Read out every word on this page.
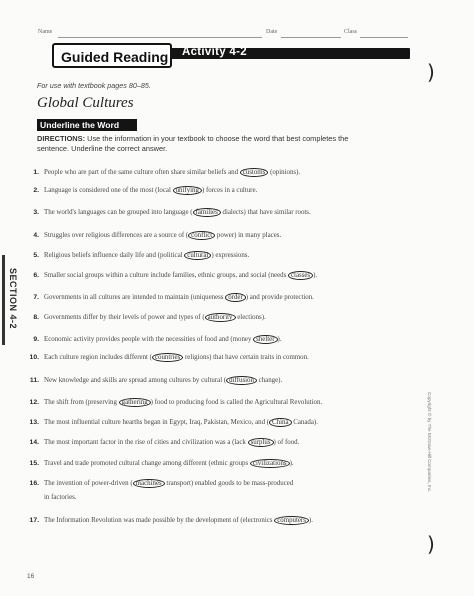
Name	Date	Class
Guided Reading Activity 4-2
For use with textbook pages 80–85.
Global Cultures
Underline the Word
DIRECTIONS: Use the information in your textbook to choose the word that best completes the sentence. Underline the correct answer.
SECTION 4-2
1. People who are part of the same culture often share similar beliefs and customs (opinions).
2. Language is considered one of the most (local unifying ) forces in a culture.
3. The world's languages can be grouped into language ( families dialects) that have similar roots.
4. Struggles over religious differences are a source of ( conflict power) in many places.
5. Religious beliefs influence daily life and (political cultural ) expressions.
6. Smaller social groups within a culture include families, ethnic groups, and social (needs classes ).
7. Governments in all cultures are intended to maintain (uniqueness order ) and provide protection.
8. Governments differ by their levels of power and types of ( authority elections).
9. Economic activity provides people with the necessities of food and (money shelter ).
10. Each culture region includes different ( countries religions) that have certain traits in common.
11. New knowledge and skills are spread among cultures by cultural ( diffusion change).
12. The shift from (preserving gathering ) food to producing food is called the Agricultural Revolution.
13. The most influential culture hearths began in Egypt, Iraq, Pakistan, Mexico, and ( China Canada).
14. The most important factor in the rise of cities and civilization was a (lack surplus ) of food.
15. Travel and trade promoted cultural change among different (ethnic groups civilizations ).
16. The invention of power-driven ( machines transport) enabled goods to be mass-produced
in factories.
17. The Information Revolution was made possible by the development of (electronics computers ).
Copyright © by The McGraw-Hill Companies, Inc.
16
)
)
